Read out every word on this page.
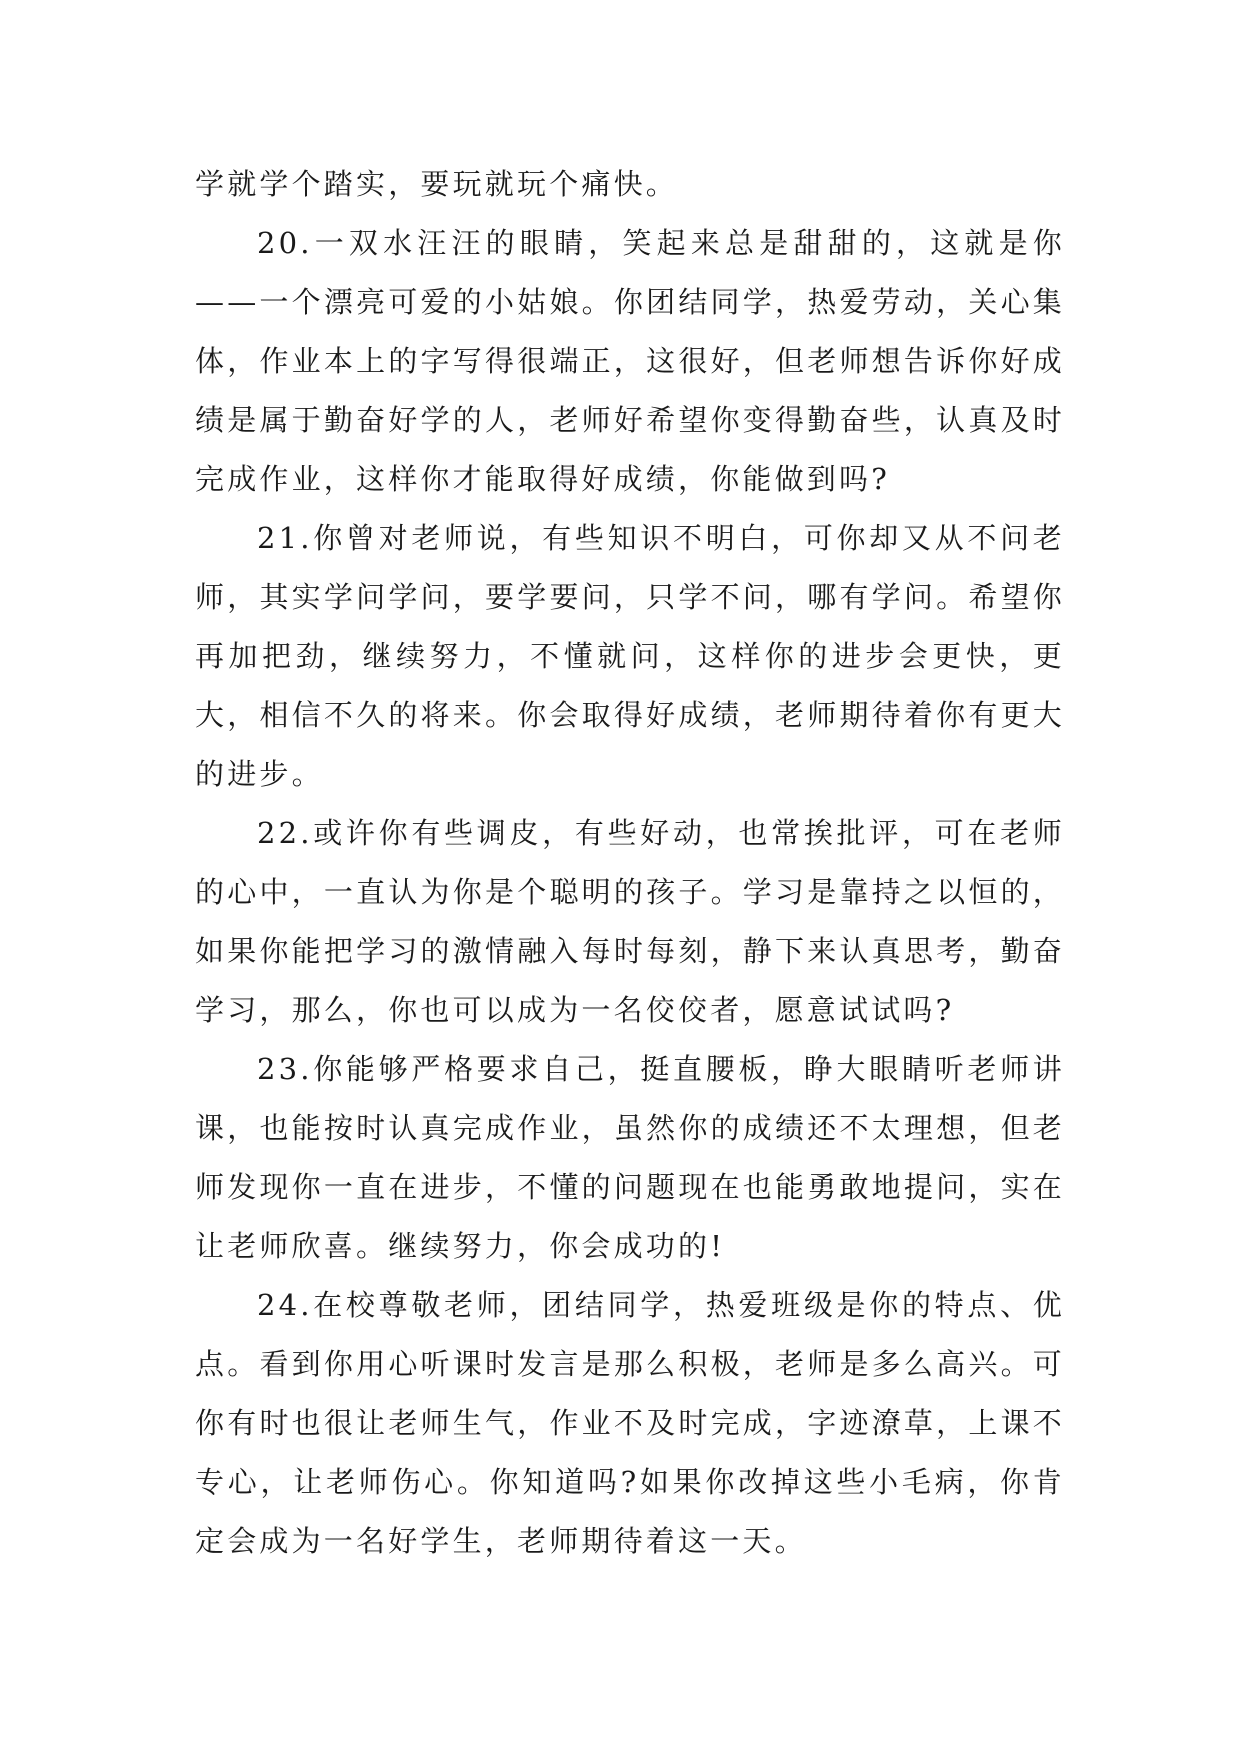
学就学个踏实，要玩就玩个痛快。

20.一双水汪汪的眼睛，笑起来总是甜甜的，这就是你——一个漂亮可爱的小姑娘。你团结同学，热爱劳动，关心集体，作业本上的字写得很端正，这很好，但老师想告诉你好成绩是属于勤奋好学的人，老师好希望你变得勤奋些，认真及时完成作业，这样你才能取得好成绩，你能做到吗?

21.你曾对老师说，有些知识不明白，可你却又从不问老师，其实学问学问，要学要问，只学不问，哪有学问。希望你再加把劲，继续努力，不懂就问，这样你的进步会更快，更大，相信不久的将来。你会取得好成绩，老师期待着你有更大的进步。

22.或许你有些调皮，有些好动，也常挨批评，可在老师的心中，一直认为你是个聪明的孩子。学习是靠持之以恒的，如果你能把学习的激情融入每时每刻，静下来认真思考，勤奋学习，那么，你也可以成为一名佼佼者，愿意试试吗?

23.你能够严格要求自己，挺直腰板，睁大眼睛听老师讲课，也能按时认真完成作业，虽然你的成绩还不太理想，但老师发现你一直在进步，不懂的问题现在也能勇敢地提问，实在让老师欣喜。继续努力，你会成功的!

24.在校尊敬老师，团结同学，热爱班级是你的特点、优点。看到你用心听课时发言是那么积极，老师是多么高兴。可你有时也很让老师生气，作业不及时完成，字迹潦草，上课不专心，让老师伤心。你知道吗?如果你改掉这些小毛病，你肯定会成为一名好学生，老师期待着这一天。
